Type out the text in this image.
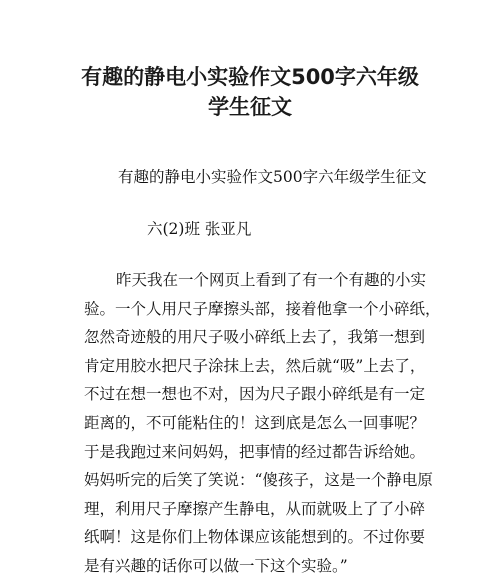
有趣的静电小实验作文500字六年级
学生征文

有趣的静电小实验作文500字六年级学生征文

六(2)班 张亚凡

昨天我在一个网页上看到了有一个有趣的小实
验。一个人用尺子摩擦头部，接着他拿一个小碎纸，
忽然奇迹般的用尺子吸小碎纸上去了，我第一想到
肯定用胶水把尺子涂抹上去，然后就“吸”上去了，
不过在想一想也不对，因为尺子跟小碎纸是有一定
距离的，不可能粘住的！这到底是怎么一回事呢？
于是我跑过来问妈妈，把事情的经过都告诉给她。
妈妈听完的后笑了笑说：“傻孩子，这是一个静电原
理，利用尺子摩擦产生静电，从而就吸上了了小碎
纸啊！这是你们上物体课应该能想到的。不过你要
是有兴趣的话你可以做一下这个实验。”
